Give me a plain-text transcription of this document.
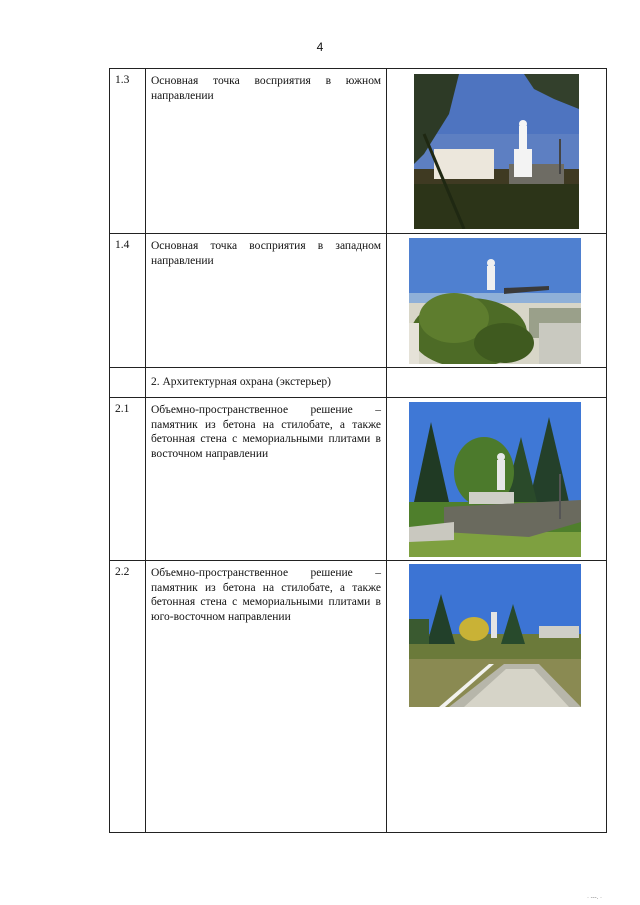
4
1.3	Основная точка восприятия в южном направлении
1.4	Основная точка восприятия в западном направлении
2. Архитектурная охрана (экстерьер)
2.1	Объемно-пространственное решение – памятник из бетона на стилобате, а также бетонная стена с мемориальными плитами в восточном направлении
2.2	Объемно-пространственное решение – памятник из бетона на стилобате, а также бетонная стена с мемориальными плитами в юго-восточном направлении
· ---. ·
